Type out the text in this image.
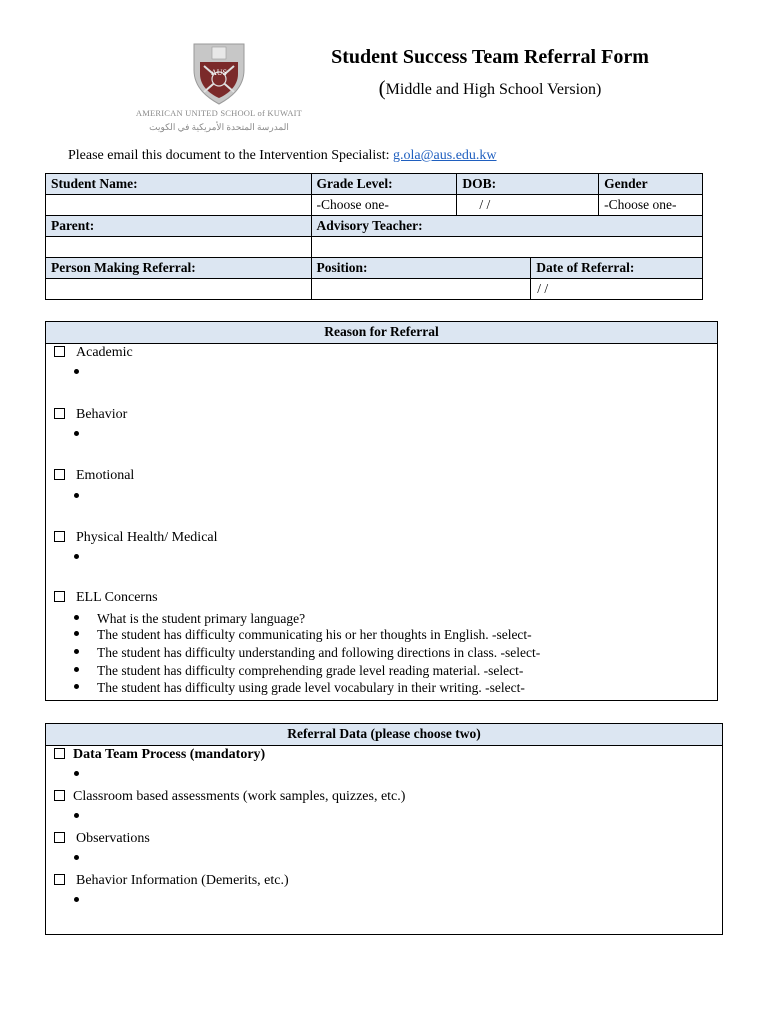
AUS
AMERICAN UNITED SCHOOL of KUWAIT
المدرسة المتحدة الأمريكية في الكويت
Student Success Team Referral Form
(Middle and High School Version)
Please email this document to the Intervention Specialist: g.ola@aus.edu.kw
Student Name:	Grade Level:	DOB:		Gender
	-Choose one-	/ /		-Choose one-
Parent:	Advisory Teacher:			

Person Making Referral:	Position:		Date of Referral:	
			/ /	
Reason for Referral
Academic
Behavior
Emotional
Physical Health/ Medical
ELL Concerns
What is the student primary language?
The student has difficulty communicating his or her thoughts in English. -select-
The student has difficulty understanding and following directions in class. -select-
The student has difficulty comprehending grade level reading material. -select-
The student has difficulty using grade level vocabulary in their writing. -select-
Referral Data (please choose two)
Data Team Process (mandatory)
Classroom based assessments (work samples, quizzes, etc.)
Observations
Behavior Information (Demerits, etc.)
